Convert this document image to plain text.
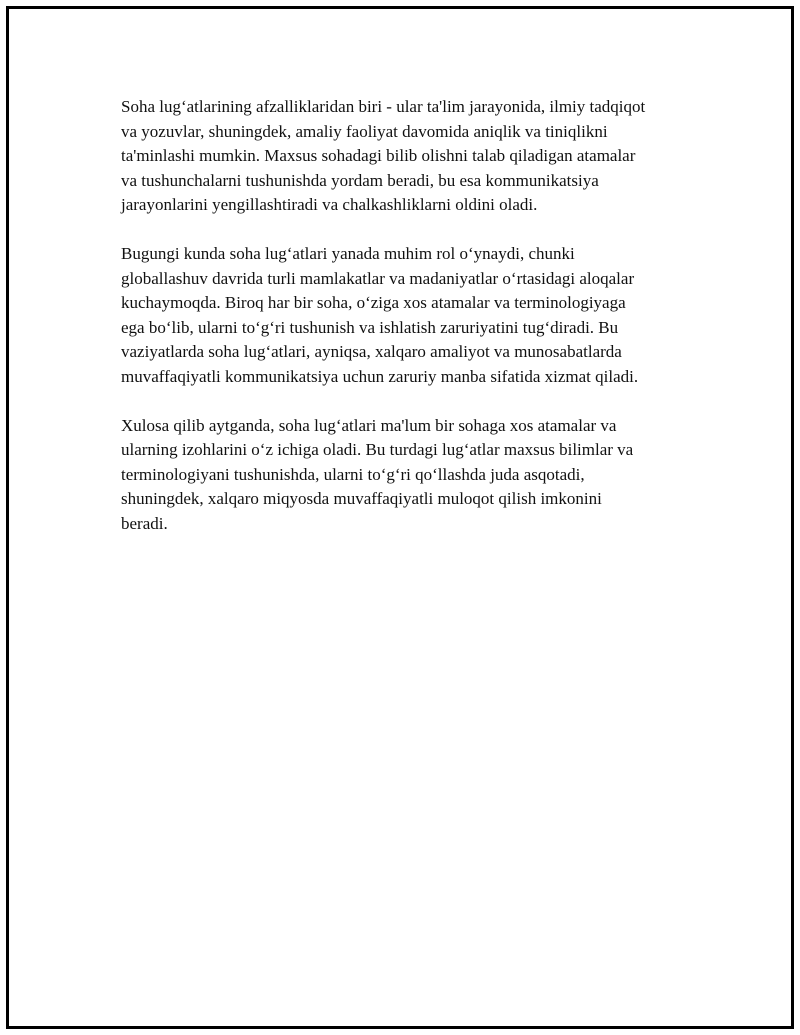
Soha lugʻatlarining afzalliklaridan biri - ular ta'lim jarayonida, ilmiy tadqiqot
va yozuvlar, shuningdek, amaliy faoliyat davomida aniqlik va tiniqlikni
ta'minlashi mumkin. Maxsus sohadagi bilib olishni talab qiladigan atamalar
va tushunchalarni tushunishda yordam beradi, bu esa kommunikatsiya
jarayonlarini yengillashtiradi va chalkashliklarni oldini oladi.

Bugungi kunda soha lugʻatlari yanada muhim rol oʻynaydi, chunki
globallashuv davrida turli mamlakatlar va madaniyatlar oʻrtasidagi aloqalar
kuchaymoqda. Biroq har bir soha, oʻziga xos atamalar va terminologiyaga
ega boʻlib, ularni toʻgʻri tushunish va ishlatish zaruriyatini tugʻdiradi. Bu
vaziyatlarda soha lugʻatlari, ayniqsa, xalqaro amaliyot va munosabatlarda
muvaffaqiyatli kommunikatsiya uchun zaruriy manba sifatida xizmat qiladi.

Xulosa qilib aytganda, soha lugʻatlari ma'lum bir sohaga xos atamalar va
ularning izohlarini oʻz ichiga oladi. Bu turdagi lugʻatlar maxsus bilimlar va
terminologiyani tushunishda, ularni toʻgʻri qoʻllashda juda asqotadi,
shuningdek, xalqaro miqyosda muvaffaqiyatli muloqot qilish imkonini
beradi.
